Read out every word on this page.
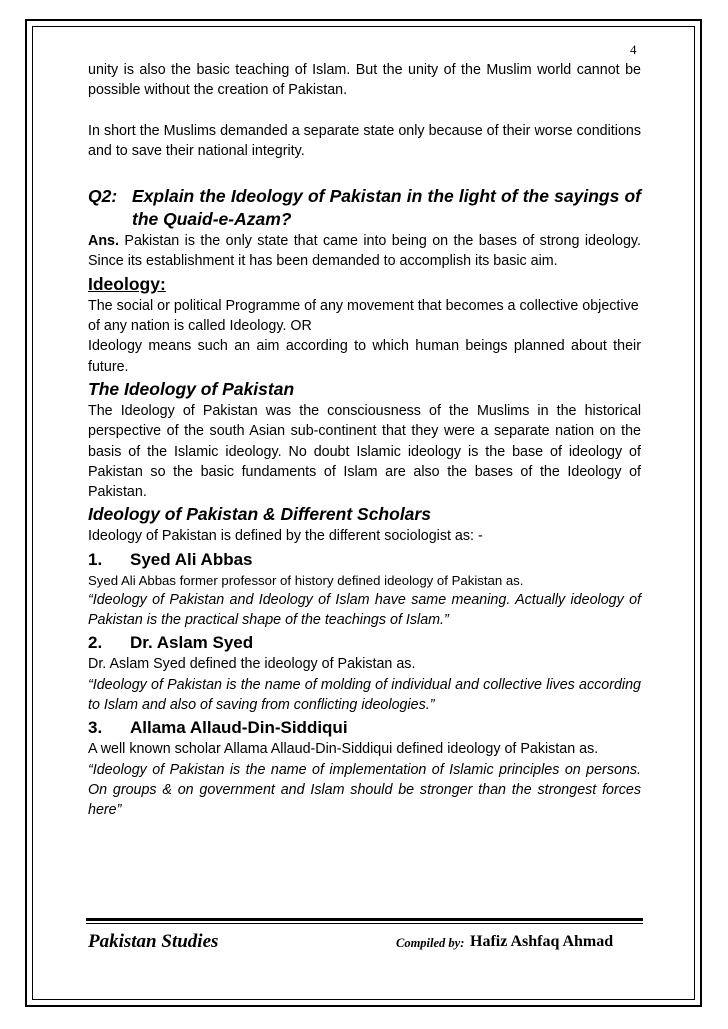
4

unity is also the basic teaching of Islam. But the unity of the Muslim world cannot be possible without the creation of Pakistan.

In short the Muslims demanded a separate state only because of their worse conditions and to save their national integrity.

Q2: Explain the Ideology of Pakistan in the light of the sayings of the Quaid-e-Azam?

Ans. Pakistan is the only state that came into being on the bases of strong ideology. Since its establishment it has been demanded to accomplish its basic aim.

Ideology:

The social or political Programme of any movement that becomes a collective objective of any nation is called Ideology. OR

Ideology means such an aim according to which human beings planned about their future.

The Ideology of Pakistan

The Ideology of Pakistan was the consciousness of the Muslims in the historical perspective of the south Asian sub-continent that they were a separate nation on the basis of the Islamic ideology. No doubt Islamic ideology is the base of ideology of Pakistan so the basic fundaments of Islam are also the bases of the Ideology of Pakistan.

Ideology of Pakistan & Different Scholars

Ideology of Pakistan is defined by the different sociologist as: -

1.	Syed Ali Abbas

Syed Ali Abbas former professor of history defined ideology of Pakistan as.

“Ideology of Pakistan and Ideology of Islam have same meaning. Actually ideology of Pakistan is the practical shape of the teachings of Islam.”

2.	Dr. Aslam Syed

Dr. Aslam Syed defined the ideology of Pakistan as.

“Ideology of Pakistan is the name of molding of individual and collective lives according to Islam and also of saving from conflicting ideologies.”

3.	Allama Allaud-Din-Siddiqui

A well known scholar Allama Allaud-Din-Siddiqui defined ideology of Pakistan as.

“Ideology of Pakistan is the name of implementation of Islamic principles on persons. On groups & on government and Islam should be stronger than the strongest forces here”

Pakistan Studies	Compiled by: Hafiz Ashfaq Ahmad
